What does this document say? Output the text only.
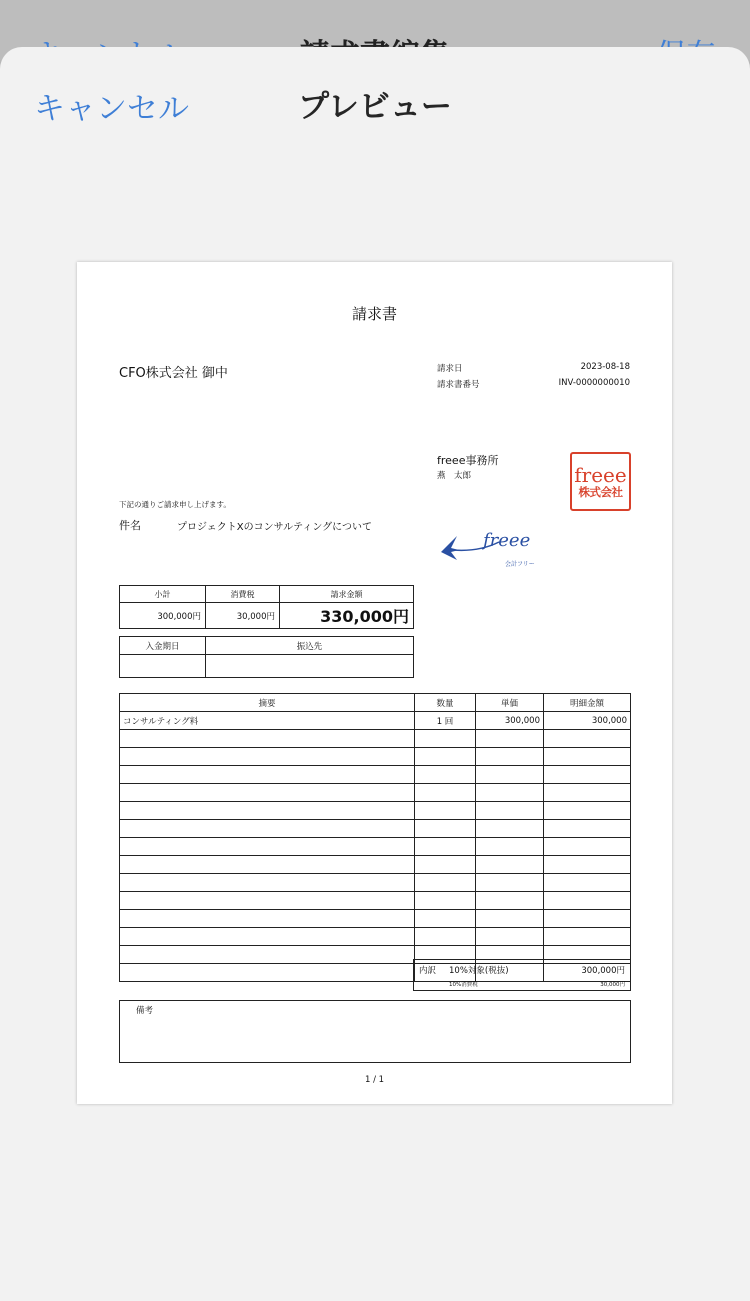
キャンセル	プレビュー
請求書
CFO株式会社 御中	請求日	2023-08-18
請求書番号	INV-0000000010
freee事務所
燕　太郎	freee
株式会社
下記の通りご請求申し上げます。
件名	プロジェクトXのコンサルティングについて
freee
会計フリー
小計	消費税	請求金額
300,000円	30,000円	330,000円
入金期日	振込先

摘要	数量	単価	明細金額
コンサルティング料	1 回	300,000	300,000

内訳 10%対象(税抜)	300,000円
10%消費税	30,000円
備考
1 / 1
